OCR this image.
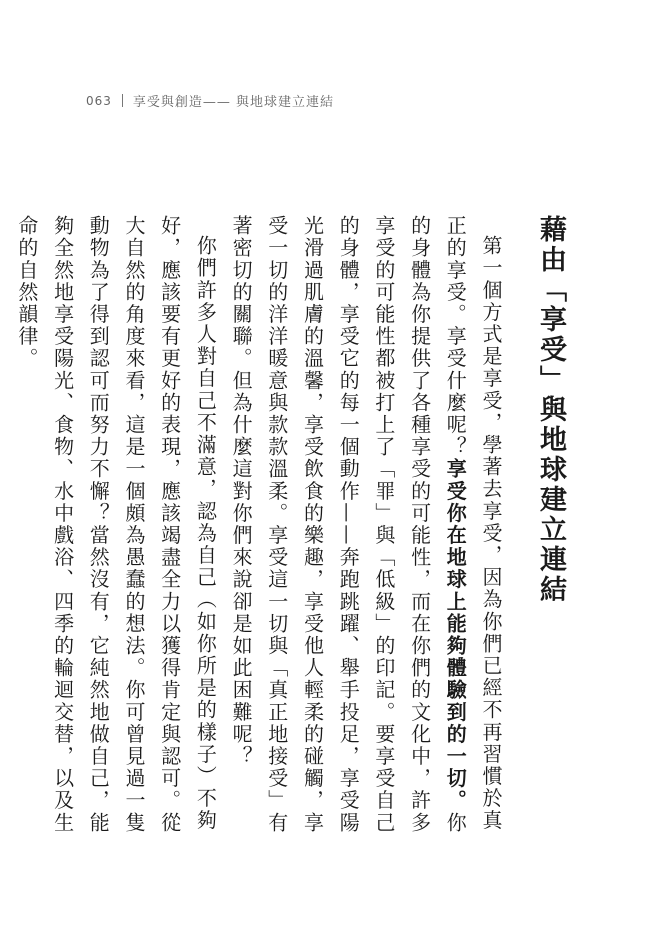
063 享受與創造—— 與地球建立連結
藉由「享受」與地球建立連結

第一個方式是享受，學著去享受，因為你們已經不再習慣於真正的享受。享受什麼呢？享受你在地球上能夠體驗到的一切。你的身體為你提供了各種享受的可能性，而在你們的文化中，許多享受的可能性都被打上了「罪」與「低級」的印記。要享受自己的身體，享受它的每一個動作——奔跑跳躍、舉手投足，享受陽光滑過肌膚的溫馨，享受飲食的樂趣，享受他人輕柔的碰觸，享受一切的洋洋暖意與款款溫柔。享受這一切與「真正地接受」有著密切的關聯。但為什麼這對你們來說卻是如此困難呢？

你們許多人對自己不滿意，認為自己（如你所是的樣子）不夠好，應該要有更好的表現，應該竭盡全力以獲得肯定與認可。從大自然的角度來看，這是一個頗為愚蠢的想法。你可曾見過一隻動物為了得到認可而努力不懈？當然沒有，它純然地做自己，能夠全然地享受陽光、食物、水中戲浴、四季的輪迴交替，以及生命的自然韻律。
